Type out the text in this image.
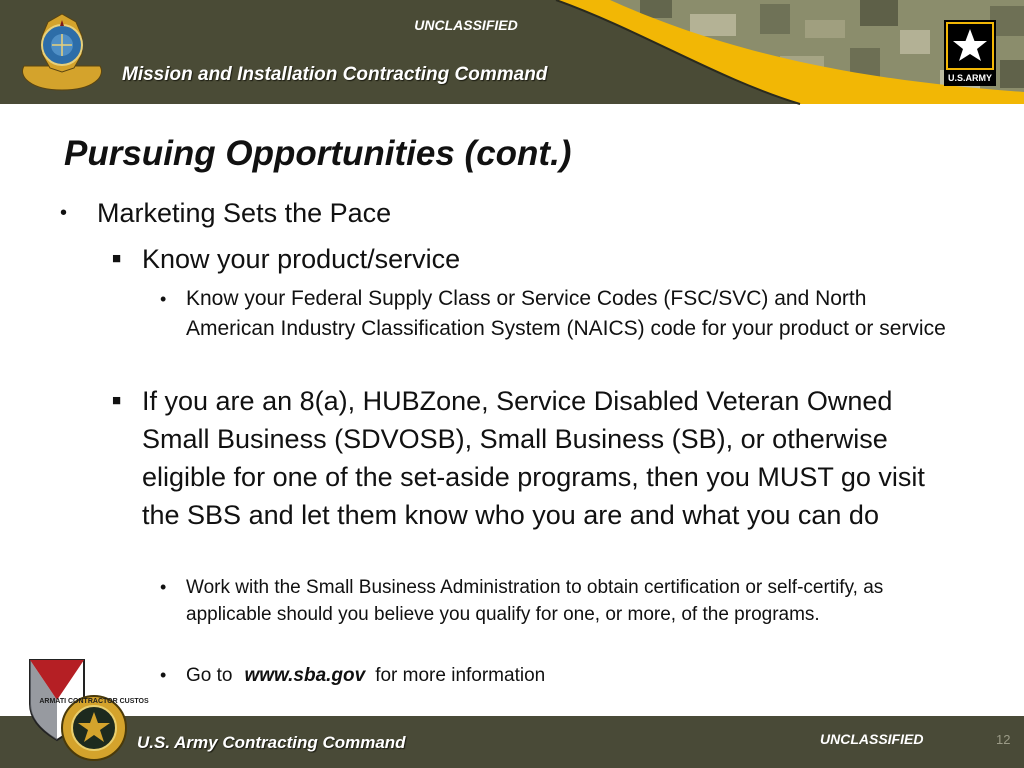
UNCLASSIFIED
Mission and Installation Contracting Command	U.S.ARMY
Pursuing Opportunities (cont.)
• Marketing Sets the Pace
■ Know your product/service
• Know your Federal Supply Class or Service Codes (FSC/SVC) and North American Industry Classification System (NAICS) code for your product or service
■ If you are an 8(a), HUBZone, Service Disabled Veteran Owned Small Business (SDVOSB), Small Business (SB), or otherwise eligible for one of the set-aside programs, then you MUST go visit the SBS and let them know who you are and what you can do
• Work with the Small Business Administration to obtain certification or self-certify, as applicable should you believe you qualify for one, or more, of the programs.
• Go to www.sba.gov for more information
ARMATI CONTRACTOR CUSTOS
U.S. Army Contracting Command	UNCLASSIFIED	12
